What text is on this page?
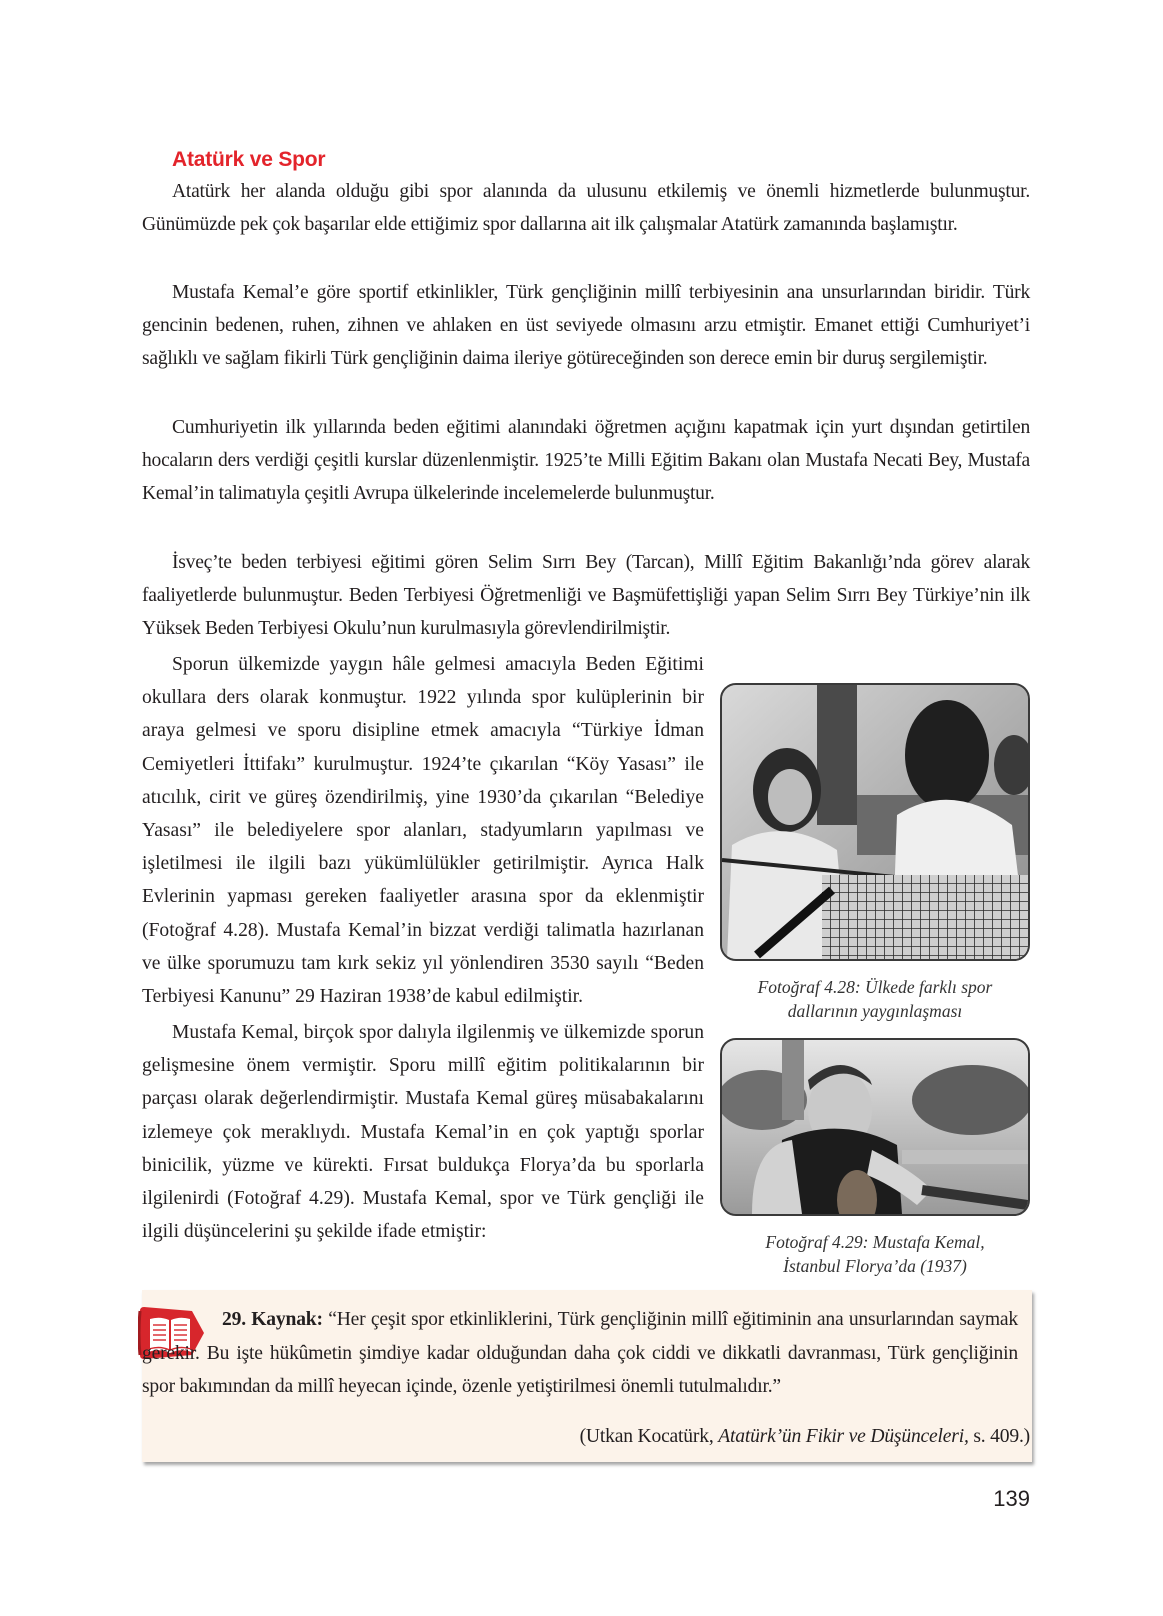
Atatürk ve Spor

Atatürk her alanda olduğu gibi spor alanında da ulusunu etkilemiş ve önemli hizmetlerde bulunmuştur. Günümüzde pek çok başarılar elde ettiğimiz spor dallarına ait ilk çalışmalar Atatürk zamanında başlamıştır.

Mustafa Kemal’e göre sportif etkinlikler, Türk gençliğinin millî terbiyesinin ana unsurlarından biridir. Türk gencinin bedenen, ruhen, zihnen ve ahlaken en üst seviyede olmasını arzu etmiştir. Emanet ettiği Cumhuriyet’i sağlıklı ve sağlam fikirli Türk gençliğinin daima ileriye götüreceğinden son derece emin bir duruş sergilemiştir.

Cumhuriyetin ilk yıllarında beden eğitimi alanındaki öğretmen açığını kapatmak için yurt dışından getirtilen hocaların ders verdiği çeşitli kurslar düzenlenmiştir. 1925’te Milli Eğitim Bakanı olan Mustafa Necati Bey, Mustafa Kemal’in talimatıyla çeşitli Avrupa ülkelerinde incelemelerde bulunmuştur.

İsveç’te beden terbiyesi eğitimi gören Selim Sırrı Bey (Tarcan), Millî Eğitim Bakanlığı’nda görev alarak faaliyetlerde bulunmuştur. Beden Terbiyesi Öğretmenliği ve Başmüfettişliği yapan Selim Sırrı Bey Türkiye’nin ilk Yüksek Beden Terbiyesi Okulu’nun kurulmasıyla görevlendirilmiştir.

Sporun ülkemizde yaygın hâle gelmesi amacıyla Beden Eğitimi okullara ders olarak konmuştur. 1922 yılında spor kulüplerinin bir araya gelmesi ve sporu disipline etmek amacıyla “Türkiye İdman Cemiyetleri İttifakı” kurulmuştur. 1924’te çıkarılan “Köy Yasası” ile atıcılık, cirit ve güreş özendirilmiş, yine 1930’da çıkarılan “Belediye Yasası” ile belediyelere spor alanları, stadyumların yapılması ve işletilmesi ile ilgili bazı yükümlülükler getirilmiştir. Ayrıca Halk Evlerinin yapması gereken faaliyetler arasına spor da eklenmiştir (Fotoğraf 4.28). Mustafa Kemal’in bizzat verdiği talimatla hazırlanan ve ülke sporumuzu tam kırk sekiz yıl yönlendiren 3530 sayılı “Beden Terbiyesi Kanunu” 29 Haziran 1938’de kabul edilmiştir.

Mustafa Kemal, birçok spor dalıyla ilgilenmiş ve ülkemizde sporun gelişmesine önem vermiştir. Sporu millî eğitim politikalarının bir parçası olarak değerlendirmiştir. Mustafa Kemal güreş müsabakalarını izlemeye çok meraklıydı. Mustafa Kemal’in en çok yaptığı sporlar binicilik, yüzme ve kürekti. Fırsat buldukça Florya’da bu sporlarla ilgilenirdi (Fotoğraf 4.29). Mustafa Kemal, spor ve Türk gençliği ile ilgili düşüncelerini şu şekilde ifade etmiştir:

Fotoğraf 4.28: Ülkede farklı spor
dallarının yaygınlaşması
Fotoğraf 4.29: Mustafa Kemal,
İstanbul Florya’da (1937)
29. Kaynak: “Her çeşit spor etkinliklerini, Türk gençliğinin millî eğitiminin ana unsurlarından saymak gerekir. Bu işte hükûmetin şimdiye kadar olduğundan daha çok ciddi ve dikkatli davranması, Türk gençliğinin spor bakımından da millî heyecan içinde, özenle yetiştirilmesi önemli tutulmalıdır.”
(Utkan Kocatürk, Atatürk’ün Fikir ve Düşünceleri, s. 409.)
139
